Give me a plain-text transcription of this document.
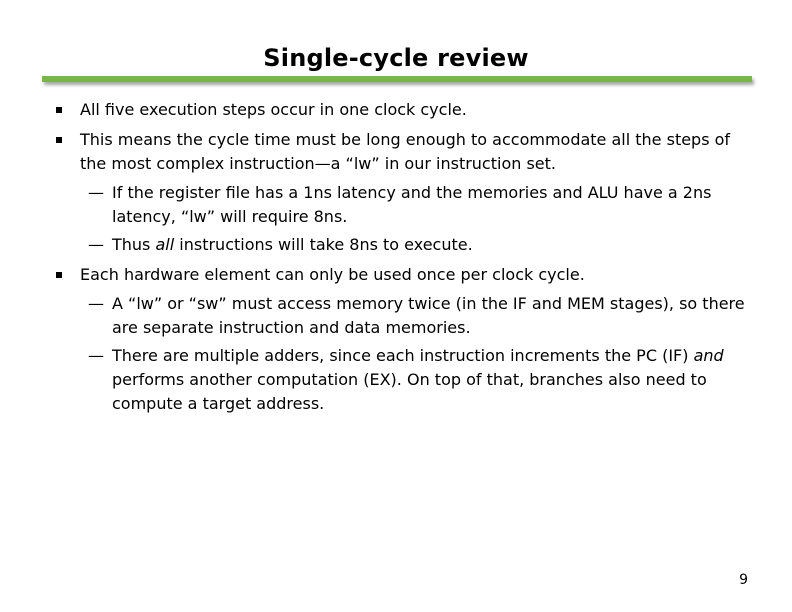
Single-cycle review

All five execution steps occur in one clock cycle.

This means the cycle time must be long enough to accommodate all the steps of the most complex instruction—a “lw” in our instruction set.

— If the register file has a 1ns latency and the memories and ALU have a 2ns latency, “lw” will require 8ns.

— Thus all instructions will take 8ns to execute.

Each hardware element can only be used once per clock cycle.

— A “lw” or “sw” must access memory twice (in the IF and MEM stages), so there are separate instruction and data memories.

— There are multiple adders, since each instruction increments the PC (IF) and performs another computation (EX). On top of that, branches also need to compute a target address.

9
